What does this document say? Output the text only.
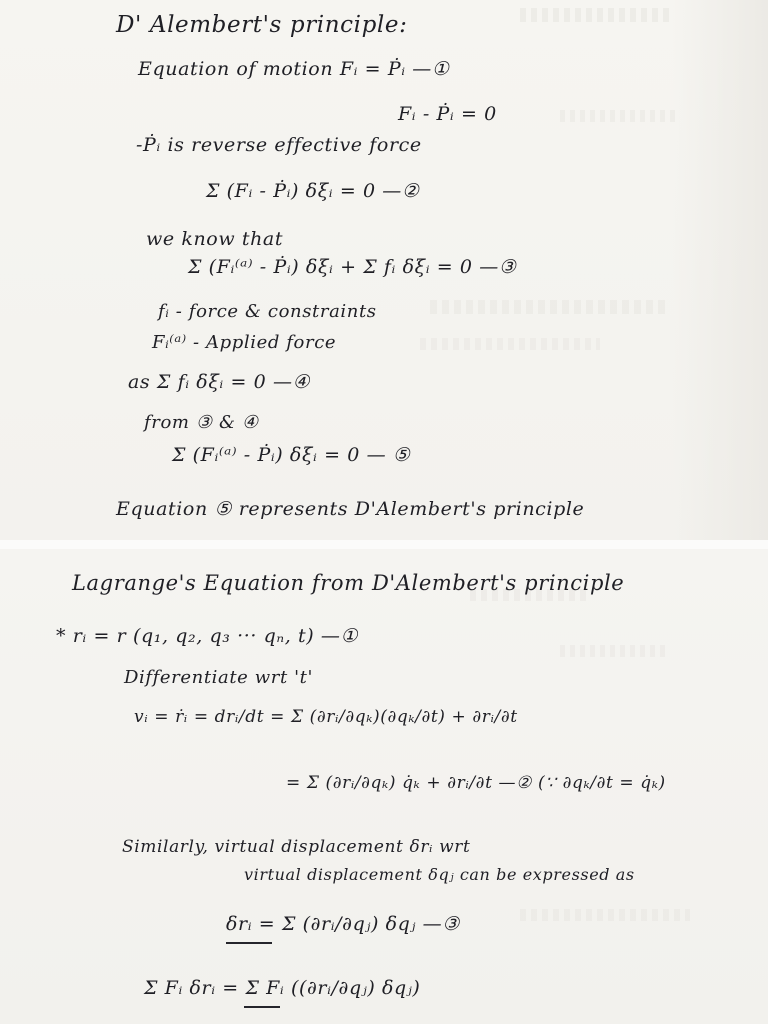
D' Alembert's principle:
Equation of motion Fᵢ = Ṗᵢ —①
Fᵢ - Ṗᵢ = 0
-Ṗᵢ is reverse effective force
Σ (Fᵢ - Ṗᵢ) δξᵢ = 0 —②
we know that
Σ (Fᵢ⁽ᵃ⁾ - Ṗᵢ) δξᵢ + Σ fᵢ δξᵢ = 0 —③
fᵢ - force & constraints
Fᵢ⁽ᵃ⁾ - Applied force
as Σ fᵢ δξᵢ = 0 —④
from ③ & ④
Σ (Fᵢ⁽ᵃ⁾ - Ṗᵢ) δξᵢ = 0 — ⑤
Equation ⑤ represents D'Alembert's principle
Lagrange's Equation from D'Alembert's principle
* rᵢ = r (q₁, q₂, q₃ ··· qₙ, t) —①
Differentiate wrt 't'
vᵢ = ṙᵢ = drᵢ/dt = Σ (∂rᵢ/∂qₖ)(∂qₖ/∂t) + ∂rᵢ/∂t
= Σ (∂rᵢ/∂qₖ) q̇ₖ + ∂rᵢ/∂t —② (∵ ∂qₖ/∂t = q̇ₖ)
Similarly, virtual displacement δrᵢ wrt
virtual displacement δqⱼ can be expressed as
δrᵢ = Σ (∂rᵢ/∂qⱼ) δqⱼ —③
Σ Fᵢ δrᵢ = Σ Fᵢ ((∂rᵢ/∂qⱼ) δqⱼ)
